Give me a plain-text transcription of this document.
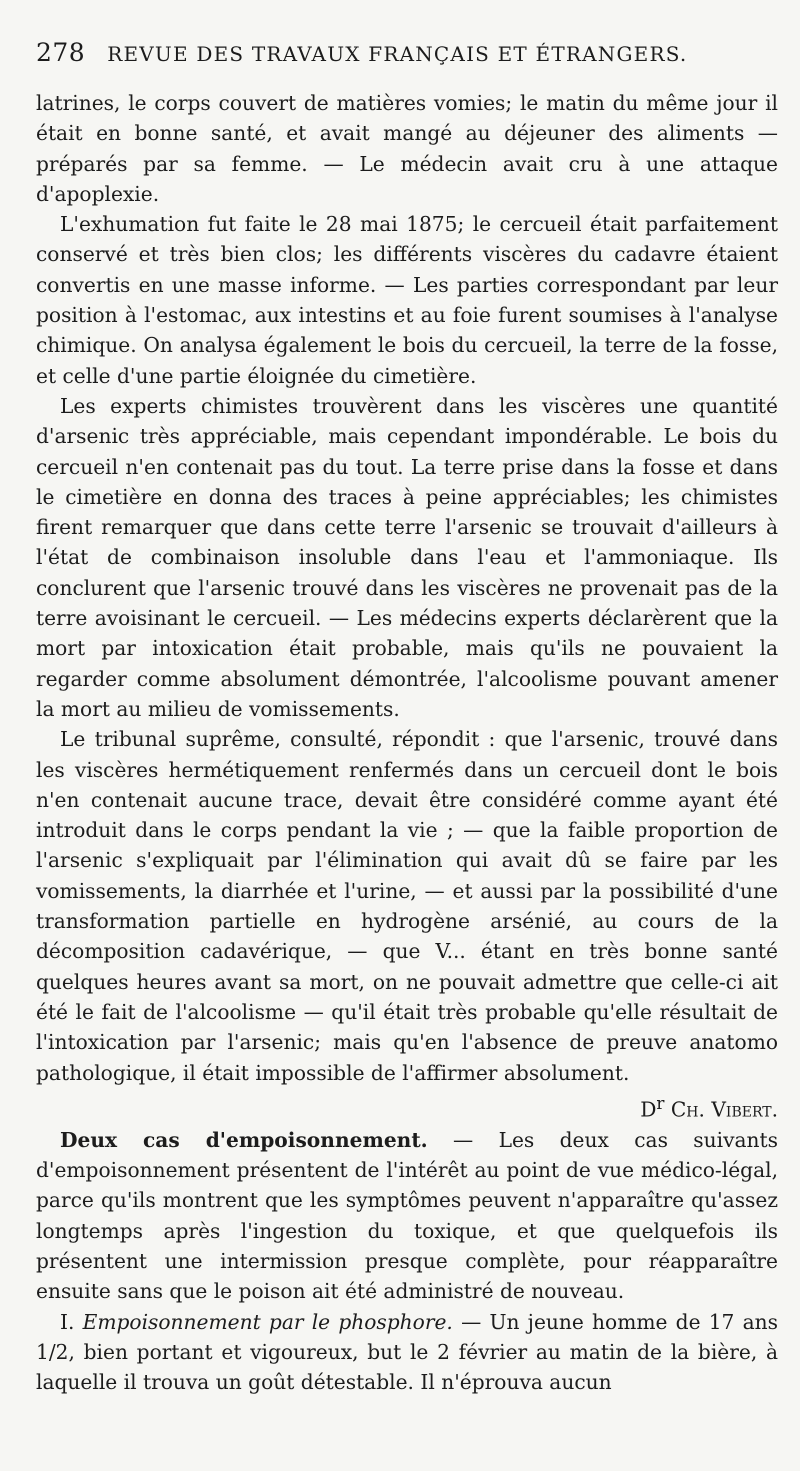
278 REVUE DES TRAVAUX FRANÇAIS ET ÉTRANGERS.

latrines, le corps couvert de matières vomies; le matin du même jour il était en bonne santé, et avait mangé au déjeuner des aliments — préparés par sa femme. — Le médecin avait cru à une attaque d'apoplexie.

L'exhumation fut faite le 28 mai 1875; le cercueil était parfaitement conservé et très bien clos; les différents viscères du cadavre étaient convertis en une masse informe. — Les parties correspondant par leur position à l'estomac, aux intestins et au foie furent soumises à l'analyse chimique. On analysa également le bois du cercueil, la terre de la fosse, et celle d'une partie éloignée du cimetière.

Les experts chimistes trouvèrent dans les viscères une quantité d'arsenic très appréciable, mais cependant impondérable. Le bois du cercueil n'en contenait pas du tout. La terre prise dans la fosse et dans le cimetière en donna des traces à peine appréciables; les chimistes firent remarquer que dans cette terre l'arsenic se trouvait d'ailleurs à l'état de combinaison insoluble dans l'eau et l'ammoniaque. Ils conclurent que l'arsenic trouvé dans les viscères ne provenait pas de la terre avoisinant le cercueil. — Les médecins experts déclarèrent que la mort par intoxication était probable, mais qu'ils ne pouvaient la regarder comme absolument démontrée, l'alcoolisme pouvant amener la mort au milieu de vomissements.

Le tribunal suprême, consulté, répondit : que l'arsenic, trouvé dans les viscères hermétiquement renfermés dans un cercueil dont le bois n'en contenait aucune trace, devait être considéré comme ayant été introduit dans le corps pendant la vie ; — que la faible proportion de l'arsenic s'expliquait par l'élimination qui avait dû se faire par les vomissements, la diarrhée et l'urine, — et aussi par la possibilité d'une transformation partielle en hydrogène arsénié, au cours de la décomposition cadavérique, — que V... étant en très bonne santé quelques heures avant sa mort, on ne pouvait admettre que celle-ci ait été le fait de l'alcoolisme — qu'il était très probable qu'elle résultait de l'intoxication par l'arsenic; mais qu'en l'absence de preuve anatomo pathologique, il était impossible de l'affirmer absolument.
$D^r$ Ch. Vibert.

Deux cas d'empoisonnement. — Les deux cas suivants d'empoisonnement présentent de l'intérêt au point de vue médico-légal, parce qu'ils montrent que les symptômes peuvent n'apparaître qu'assez longtemps après l'ingestion du toxique, et que quelquefois ils présentent une intermission presque complète, pour réapparaître ensuite sans que le poison ait été administré de nouveau.

I. Empoisonnement par le phosphore. — Un jeune homme de 17 ans 1/2, bien portant et vigoureux, but le 2 février au matin de la bière, à laquelle il trouva un goût détestable. Il n'éprouva aucun
